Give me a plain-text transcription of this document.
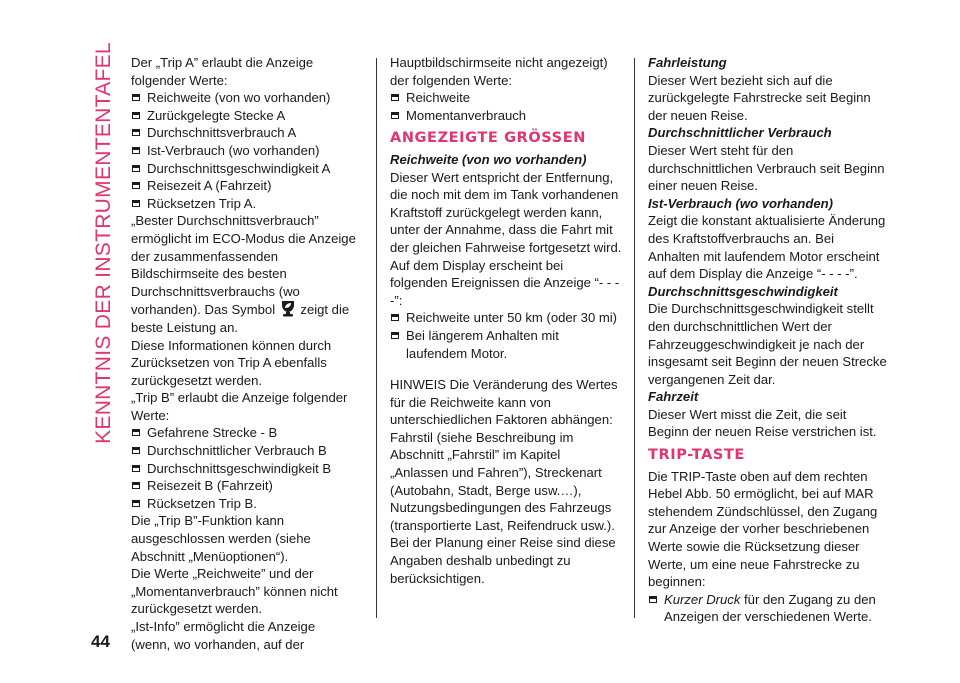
KENNTNIS DER INSTRUMENTENTAFEL
44

Der „Trip A” erlaubt die Anzeige folgender Werte:

Reichweite (von wo vorhanden)
Zurückgelegte Stecke A
Durchschnittsverbrauch A
Ist-Verbrauch (wo vorhanden)
Durchschnittsgeschwindigkeit A
Reisezeit A (Fahrzeit)
Rücksetzen Trip A.

„Bester Durchschnittsverbrauch” ermöglicht im ECO-Modus die Anzeige der zusammenfassenden Bildschirmseite des besten Durchschnittsverbrauchs (wo vorhanden). Das Symbol zeigt die beste Leistung an.

Diese Informationen können durch Zurücksetzen von Trip A ebenfalls zurückgesetzt werden.

„Trip B” erlaubt die Anzeige folgender Werte:

Gefahrene Strecke - B
Durchschnittlicher Verbrauch B
Durchschnittsgeschwindigkeit B
Reisezeit B (Fahrzeit)
Rücksetzen Trip B.

Die „Trip B”-Funktion kann ausgeschlossen werden (siehe Abschnitt „Menüoptionen“).

Die Werte „Reichweite” und der „Momentanverbrauch” können nicht zurückgesetzt werden.

„Ist-Info” ermöglicht die Anzeige (wenn, wo vorhanden, auf der

Hauptbildschirmseite nicht angezeigt) der folgenden Werte:

Reichweite
Momentanverbrauch
ANGEZEIGTE GRÖSSEN
Reichweite (von wo vorhanden)

Dieser Wert entspricht der Entfernung, die noch mit dem im Tank vorhandenen Kraftstoff zurückgelegt werden kann, unter der Annahme, dass die Fahrt mit der gleichen Fahrweise fortgesetzt wird. Auf dem Display erscheint bei folgenden Ereignissen die Anzeige “- - - -”:

Reichweite unter 50 km (oder 30 mi)
Bei längerem Anhalten mit laufendem Motor.

HINWEIS Die Veränderung des Wertes für die Reichweite kann von unterschiedlichen Faktoren abhängen: Fahrstil (siehe Beschreibung im Abschnitt „Fahrstil” im Kapitel „Anlassen und Fahren”), Streckenart (Autobahn, Stadt, Berge usw.…), Nutzungsbedingungen des Fahrzeugs (transportierte Last, Reifendruck usw.). Bei der Planung einer Reise sind diese Angaben deshalb unbedingt zu berücksichtigen.

Fahrleistung

Dieser Wert bezieht sich auf die zurückgelegte Fahrstrecke seit Beginn der neuen Reise.

Durchschnittlicher Verbrauch

Dieser Wert steht für den durchschnittlichen Verbrauch seit Beginn einer neuen Reise.

Ist-Verbrauch (wo vorhanden)

Zeigt die konstant aktualisierte Änderung des Kraftstoffverbrauchs an. Bei Anhalten mit laufendem Motor erscheint auf dem Display die Anzeige “- - - -”.

Durchschnittsgeschwindigkeit

Die Durchschnittsgeschwindigkeit stellt den durchschnittlichen Wert der Fahrzeuggeschwindigkeit je nach der insgesamt seit Beginn der neuen Strecke vergangenen Zeit dar.

Fahrzeit

Dieser Wert misst die Zeit, die seit Beginn der neuen Reise verstrichen ist.

TRIP-TASTE

Die TRIP-Taste oben auf dem rechten Hebel Abb. 50 ermöglicht, bei auf MAR stehendem Zündschlüssel, den Zugang zur Anzeige der vorher beschriebenen Werte sowie die Rücksetzung dieser Werte, um eine neue Fahrstrecke zu beginnen:

Kurzer Druck für den Zugang zu den Anzeigen der verschiedenen Werte.
